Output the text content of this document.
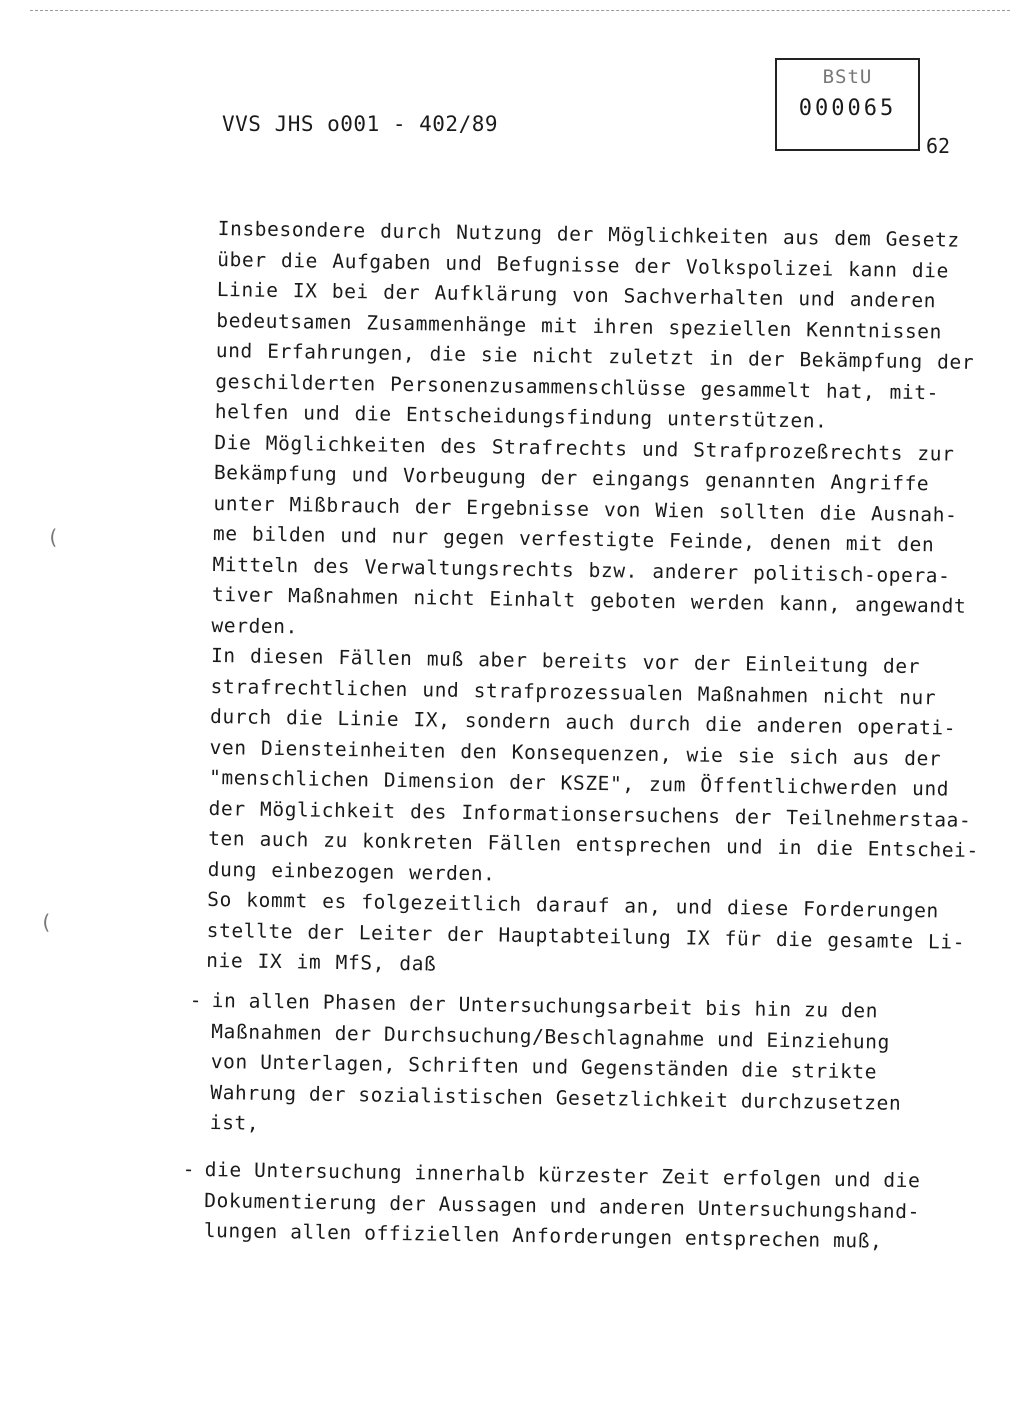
VVS JHS o001 - 402/89
BStU
000065
62
Insbesondere durch Nutzung der Möglichkeiten aus dem Gesetz
über die Aufgaben und Befugnisse der Volkspolizei kann die
Linie IX bei der Aufklärung von Sachverhalten und anderen
bedeutsamen Zusammenhänge mit ihren speziellen Kenntnissen
und Erfahrungen, die sie nicht zuletzt in der Bekämpfung der
geschilderten Personenzusammenschlüsse gesammelt hat, mit-
helfen und die Entscheidungsfindung unterstützen.
Die Möglichkeiten des Strafrechts und Strafprozeßrechts zur
Bekämpfung und Vorbeugung der eingangs genannten Angriffe
unter Mißbrauch der Ergebnisse von Wien sollten die Ausnah-
me bilden und nur gegen verfestigte Feinde, denen mit den
Mitteln des Verwaltungsrechts bzw. anderer politisch-opera-
tiver Maßnahmen nicht Einhalt geboten werden kann, angewandt
werden.
In diesen Fällen muß aber bereits vor der Einleitung der
strafrechtlichen und strafprozessualen Maßnahmen nicht nur
durch die Linie IX, sondern auch durch die anderen operati-
ven Diensteinheiten den Konsequenzen, wie sie sich aus der
"menschlichen Dimension der KSZE", zum Öffentlichwerden und
der Möglichkeit des Informationsersuchens der Teilnehmerstaa-
ten auch zu konkreten Fällen entsprechen und in die Entschei-
dung einbezogen werden.
So kommt es folgezeitlich darauf an, und diese Forderungen
stellte der Leiter der Hauptabteilung IX für die gesamte Li-
nie IX im MfS, daß
- in allen Phasen der Untersuchungsarbeit bis hin zu den
Maßnahmen der Durchsuchung/Beschlagnahme und Einziehung
von Unterlagen, Schriften und Gegenständen die strikte
Wahrung der sozialistischen Gesetzlichkeit durchzusetzen
ist,
- die Untersuchung innerhalb kürzester Zeit erfolgen und die
Dokumentierung der Aussagen und anderen Untersuchungshand-
lungen allen offiziellen Anforderungen entsprechen muß,
(
(
